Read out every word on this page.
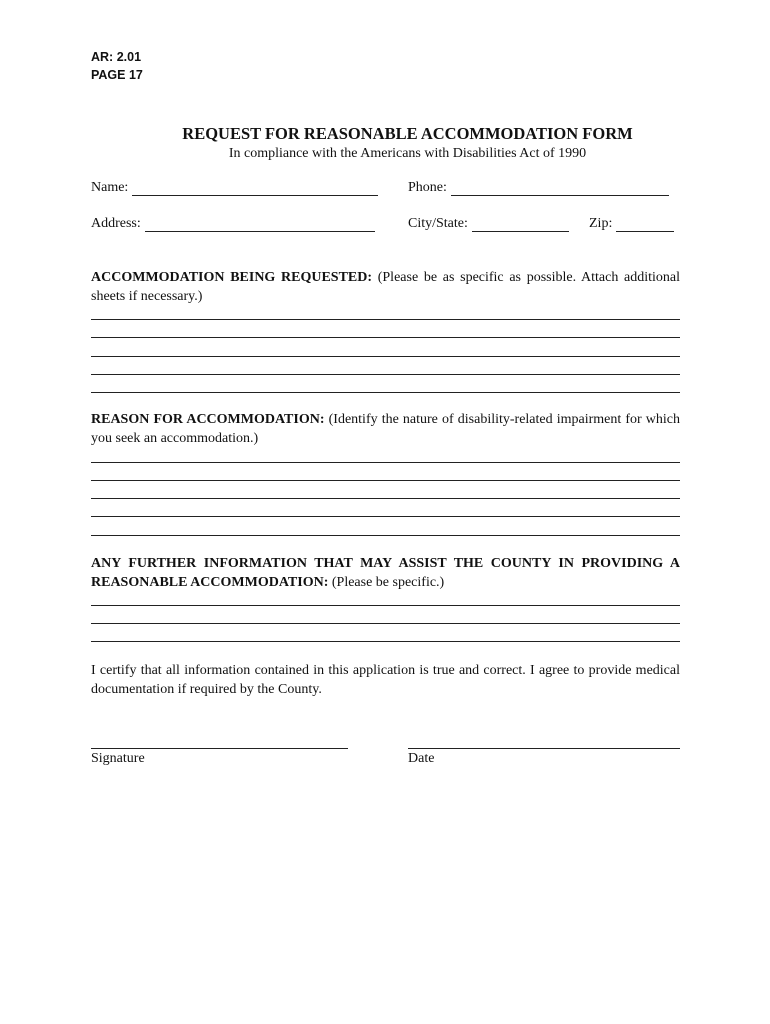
AR: 2.01
PAGE 17
REQUEST FOR REASONABLE ACCOMMODATION FORM
In compliance with the Americans with Disabilities Act of 1990
Name:	Phone:
Address:	City/State:	Zip:
ACCOMMODATION BEING REQUESTED: (Please be as specific as possible. Attach additional sheets if necessary.)
REASON FOR ACCOMMODATION: (Identify the nature of disability-related impairment for which you seek an accommodation.)
ANY FURTHER INFORMATION THAT MAY ASSIST THE COUNTY IN PROVIDING A REASONABLE ACCOMMODATION: (Please be specific.)
I certify that all information contained in this application is true and correct. I agree to provide medical documentation if required by the County.
Signature	Date
